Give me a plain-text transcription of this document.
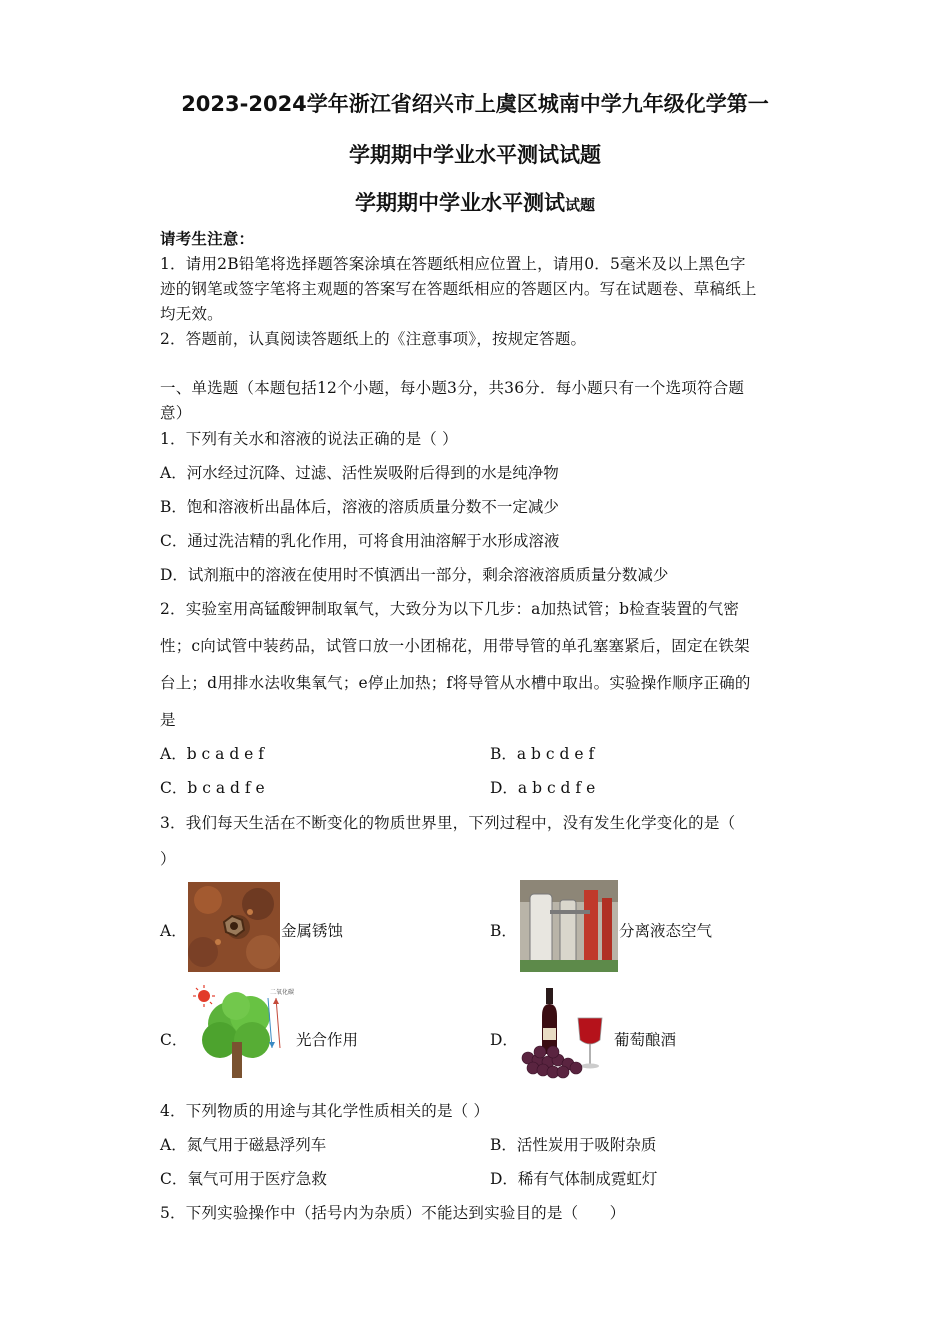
2023-2024学年浙江省绍兴市上虞区城南中学九年级化学第一
学期期中学业水平测试试题
学期期中学业水平测试试题
请考生注意：
1．请用2B铅笔将选择题答案涂填在答题纸相应位置上，请用0．5毫米及以上黑色字
迹的钢笔或签字笔将主观题的答案写在答题纸相应的答题区内。写在试题卷、草稿纸上
均无效。
2．答题前，认真阅读答题纸上的《注意事项》，按规定答题。
一、单选题（本题包括12个小题，每小题3分，共36分．每小题只有一个选项符合题
意）
1．下列有关水和溶液的说法正确的是（ ）
A．河水经过沉降、过滤、活性炭吸附后得到的水是纯净物
B．饱和溶液析出晶体后，溶液的溶质质量分数不一定减少
C．通过洗洁精的乳化作用，可将食用油溶解于水形成溶液
D．试剂瓶中的溶液在使用时不慎洒出一部分，剩余溶液溶质质量分数减少
2．实验室用高锰酸钾制取氧气，大致分为以下几步：a加热试管；b检查装置的气密
性；c向试管中装药品，试管口放一小团棉花，用带导管的单孔塞塞紧后，固定在铁架
台上；d用排水法收集氧气；e停止加热；f将导管从水槽中取出。实验操作顺序正确的
是
A．b c a d e f	B．a b c d e f
C．b c a d f e	D．a b c d f e
3．我们每天生活在不断变化的物质世界里，下列过程中，没有发生化学变化的是（
）
A．	金属锈蚀	B．	分离液态空气
C．
二氧化碳
光合作用	D．	葡萄酿酒
4．下列物质的用途与其化学性质相关的是（ ）
A．氮气用于磁悬浮列车	B．活性炭用于吸附杂质
C．氧气可用于医疗急救	D．稀有气体制成霓虹灯
5．下列实验操作中（括号内为杂质）不能达到实验目的是（　　）
